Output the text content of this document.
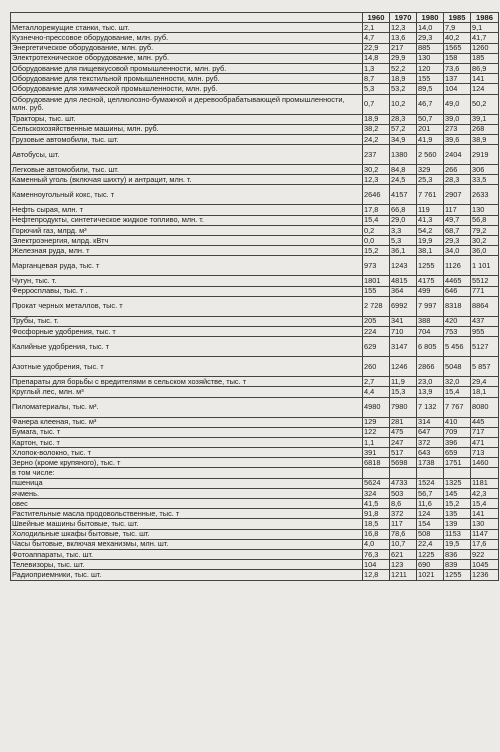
	1960	1970	1980	1985	1986
Металлорежущие станки, тыс. шт.	2,1	12,3	14,0	7,9	9,1
Кузнечно-прессовое оборудование, млн. руб.	4,7	13,6	29,3	40,2	41,7
Энергетическое оборудование, млн. руб.	22,9	217	885	1565	1260
Электротехническое оборудование, млн. руб.	14,8	29,9	130	158	185
Оборудование для пищевкусовой промышленности, млн. руб.	1,3	52,2	120	73,6	86,9
Оборудование для текстильной промышленности, млн. руб.	8,7	18,9	155	137	141
Оборудование для химической промышленности, млн. руб.	5,3	53,2	89,5	104	124
Оборудование для лесной, целлюлозно-бумажной и деревообрабатывающей промышленности, млн. руб.	0,7	10,2	46,7	49,0	50,2
Тракторы, тыс. шт.	18,9	28,3	50,7	39,0	39,1
Сельскохозяйственные машины, млн. руб.	38,2	57,2	201	273	268
Грузовые автомобили, тыс. шт.	24,2	34,9	41,9	39,6	38,9
Автобусы, шт.	237	1380	2 560	2404	2919
Легковые автомобили, тыс. шт.	30,2	84,8	329	266	306
Каменный уголь (включая шихту) и антрацит, млн. т.	12,3	24,5	25,3	28,3	33,5
Каменноугольный кокс, тыс. т	2646	4157	7 761	2907	2633
Нефть сырая, млн. т	17,8	66,8	119	117	130
Нефтепродукты, синтетическое жидкое топливо, млн. т.	15,4	29,0	41,3	49,7	56,8
Горючий газ, млрд. м³	0,2	3,3	54,2	68,7	79,2
Электроэнергия, млрд. кВтч	0,0	5,3	19,9	29,3	30,2
Железная руда, млн. т	15,2	36,1	38,1	34,0	36,0
Марганцевая руда, тыс. т	973	1243	1255	1126	1 101
Чугун, тыс. т.	1801	4815	4175	4465	5512
Ферросплавы, тыс. т .	155	364	499	646	771
Прокат черных металлов, тыс. т	2 728	6992	7 997	8318	8864
Трубы, тыс. т.	205	341	388	420	437
Фосфорные удобрения, тыс. т	224	710	704	753	955
Калийные удобрения, тыс. т	629	3147	6 805	5 456	5127
Азотные удобрения, тыс. т	260	1246	2866	5048	5 857
Препараты для борьбы с вредителями в сельском хозяйстве, тыс. т	2,7	11,9	23,0	32,0	29,4
Круглый лес, млн. м³	4,4	15,3	13,9	15,4	18,1
Пиломатериалы, тыс. м³.	4980	7980	7 132	7 767	8080
Фанера клееная, тыс. м³	129	281	314	410	445
Бумага, тыс. т	122	475	647	709	717
Картон, тыс. т	1,1	247	372	396	471
Хлопок-волокно, тыс. т	391	517	643	659	713
Зерно (кроме крупяного), тыс. т	6818	5698	1738	1751	1460
в том числе:					
пшеница	5624	4733	1524	1325	1181
ячмень.	324	503	56,7	145	42,3
овес	41,5	8,6	11,6	15,2	15,4
Растительные масла продовольственные, тыс. т	91,8	372	124	135	141
Швейные машины бытовые, тыс. шт.	18,5	117	154	139	130
Холодильные шкафы бытовые, тыс. шт.	16,8	78,6	508	1153	1147
Часы бытовые, включая механизмы, млн. шт.	4,0	10,7	22,4	19,5	17,6
Фотоаппараты, тыс. шт.	76,3	621	1225	836	922
Телевизоры, тыс. шт.	104	123	690	839	1045
Радиоприемники, тыс. шт.	12,8	1211	1021	1255	1236
